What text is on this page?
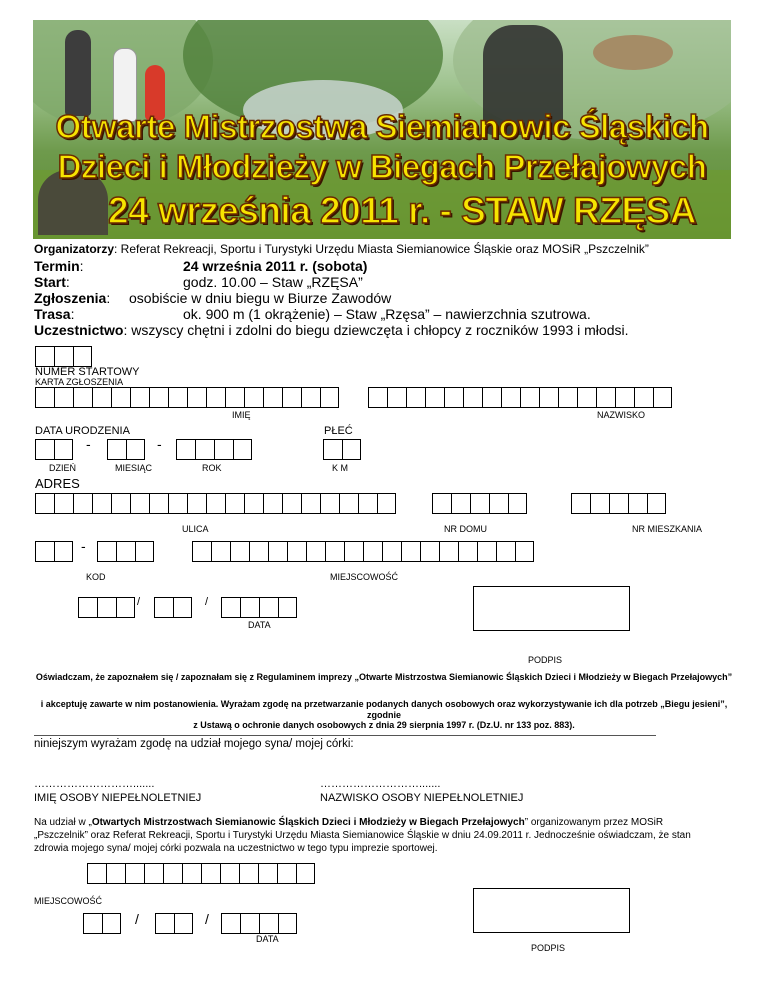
Otwarte Mistrzostwa Siemianowic Śląskich
Dzieci i Młodzieży w Biegach Przełajowych
24 września 2011 r. - STAW RZĘSA
Organizatorzy: Referat Rekreacji, Sportu i Turystyki Urzędu Miasta Siemianowice Śląskie oraz MOSiR „Pszczelnik”
Termin:	24 września 2011 r. (sobota)
Start:	godz. 10.00 – Staw „RZĘSA”
Zgłoszenia: osobiście w dniu biegu w Biurze Zawodów
Trasa:	ok. 900 m (1 okrążenie) – Staw „Rzęsa” – nawierzchnia szutrowa.
Uczestnictwo: wszyscy chętni i zdolni do biegu dziewczęta i chłopcy z roczników 1993 i młodsi.
NUMER STARTOWY
KARTA ZGŁOSZENIA
IMIĘ	NAZWISKO
DATA URODZENIA	PŁEĆ
-	-
DZIEŃ	MIESIĄC	ROK	K M
ADRES
ULICA	NR DOMU	NR MIESZKANIA
-
KOD	MIEJSCOWOŚĆ
/	/
DATA
PODPIS
Oświadczam, że zapoznałem się / zapoznałam się z Regulaminem imprezy „Otwarte Mistrzostwa Siemianowic Śląskich Dzieci i Młodzieży w Biegach Przełajowych”
i akceptuję zawarte w nim postanowienia. Wyrażam zgodę na przetwarzanie podanych danych osobowych oraz wykorzystywanie ich dla potrzeb „Biegu jesieni”,
zgodnie
z Ustawą o ochronie danych osobowych z dnia 29 sierpnia 1997 r. (Dz.U. nr 133 poz. 883).
niniejszym wyrażam zgodę na udział mojego syna/ mojej córki:
……………………….......	……………………….......
IMIĘ OSOBY NIEPEŁNOLETNIEJ	NAZWISKO OSOBY NIEPEŁNOLETNIEJ
Na udział w „Otwartych Mistrzostwach Siemianowic Śląskich Dzieci i Młodzieży w Biegach Przełajowych” organizowanym przez MOSiR „Pszczelnik” oraz Referat Rekreacji, Sportu i Turystyki Urzędu Miasta Siemianowice Śląskie w dniu 24.09.2011 r. Jednocześnie oświadczam, że stan zdrowia mojego syna/ mojej córki pozwala na uczestnictwo w tego typu imprezie sportowej.
MIEJSCOWOŚĆ
/	/
DATA
PODPIS
